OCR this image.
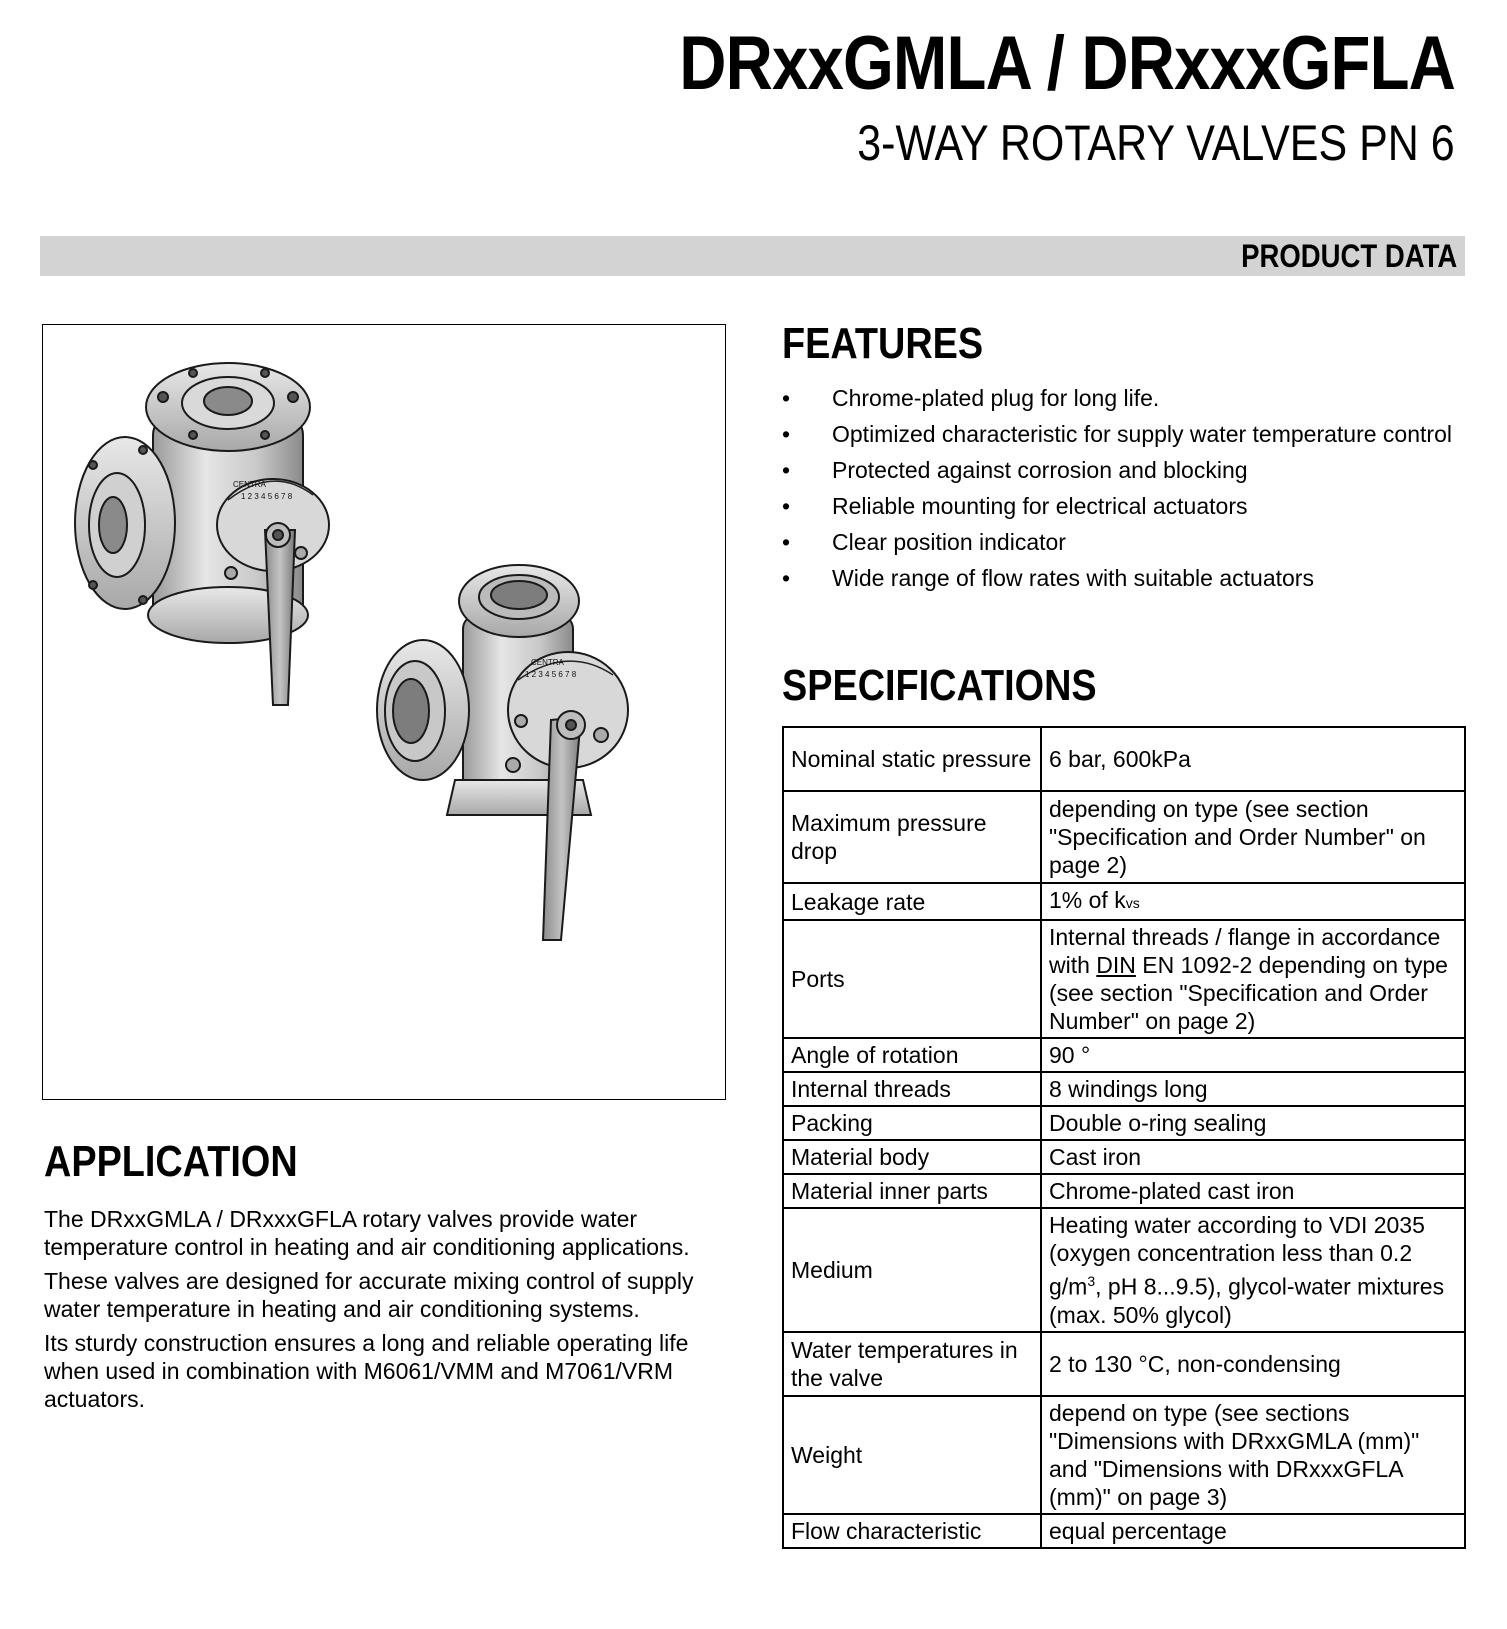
DRxxGMLA / DRxxxGFLA
3-WAY ROTARY VALVES PN 6
PRODUCT DATA
CENTRA
1 2 3 4 5 6 7 8
CENTRA
1 2 3 4 5 6 7 8
FEATURES
• Chrome-plated plug for long life.
• Optimized characteristic for supply water temperature control
• Protected against corrosion and blocking
• Reliable mounting for electrical actuators
• Clear position indicator
• Wide range of flow rates with suitable actuators
SPECIFICATIONS
Nominal static pressure	6 bar, 600kPa
Maximum pressure drop	depending on type (see section "Specification and Order Number" on page 2)
Leakage rate	1% of kvs
Ports	Internal threads / flange in accordance with DIN EN 1092-2 depending on type (see section "Specification and Order Number" on page 2)
Angle of rotation	90 °
Internal threads	8 windings long
Packing	Double o-ring sealing
Material body	Cast iron
Material inner parts	Chrome-plated cast iron
Medium	Heating water according to VDI 2035 (oxygen concentration less than 0.2 $g/m^3$, pH 8...9.5), glycol-water mixtures (max. 50% glycol)
Water temperatures in the valve	2 to 130 °C, non-condensing
Weight	depend on type (see sections "Dimensions with DRxxGMLA (mm)" and "Dimensions with DRxxxGFLA (mm)" on page 3)
Flow characteristic	equal percentage
APPLICATION

The DRxxGMLA / DRxxxGFLA rotary valves provide water temperature control in heating and air conditioning applications.

These valves are designed for accurate mixing control of supply water temperature in heating and air conditioning systems.

Its sturdy construction ensures a long and reliable operating life when used in combination with M6061/VMM and M7061/VRM actuators.
